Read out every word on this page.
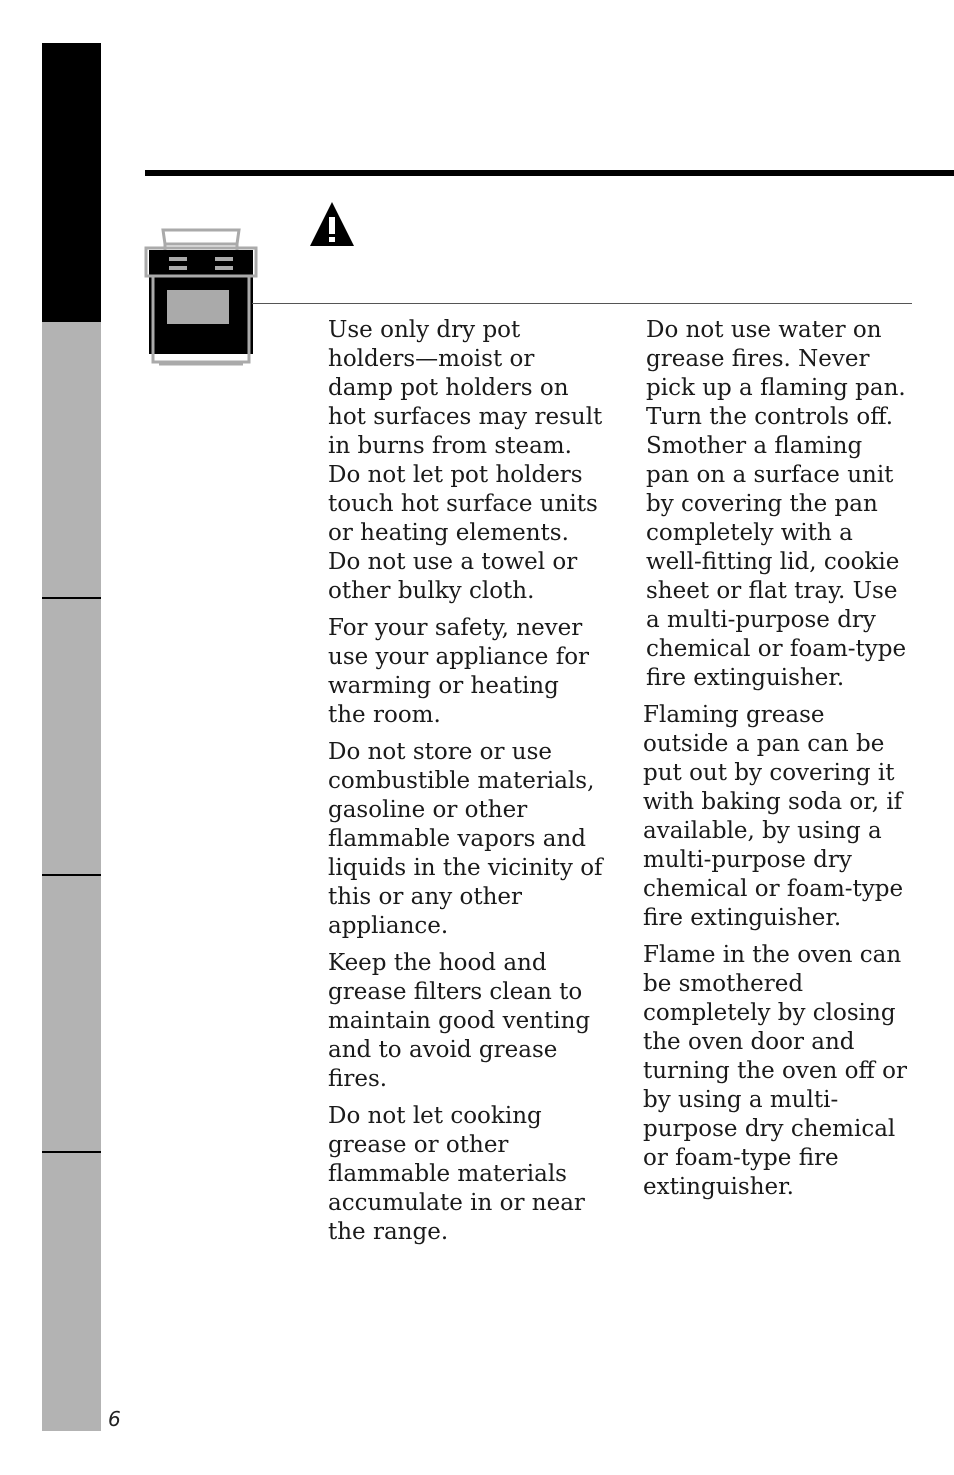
Use only dry pot holders—moist or damp pot holders on hot surfaces may result in burns from steam. Do not let pot holders touch hot surface units or heating elements. Do not use a towel or other bulky cloth.

For your safety, never use your appliance for warming or heating the room.

Do not store or use combustible materials, gasoline or other flammable vapors and liquids in the vicinity of this or any other appliance.

Keep the hood and grease filters clean to maintain good venting and to avoid grease fires.

Do not let cooking grease or other flammable materials accumulate in or near the range.

Do not use water on grease fires. Never pick up a flaming pan. Turn the controls off. Smother a flaming pan on a surface unit by covering the pan completely with a well-fitting lid, cookie sheet or flat tray. Use a multi-purpose dry chemical or foam-type fire extinguisher.

Flaming grease outside a pan can be put out by covering it with baking soda or, if available, by using a multi-purpose dry chemical or foam-type fire extinguisher.

Flame in the oven can be smothered completely by closing the oven door and turning the oven off or by using a multi-purpose dry chemical or foam-type fire extinguisher.

6
